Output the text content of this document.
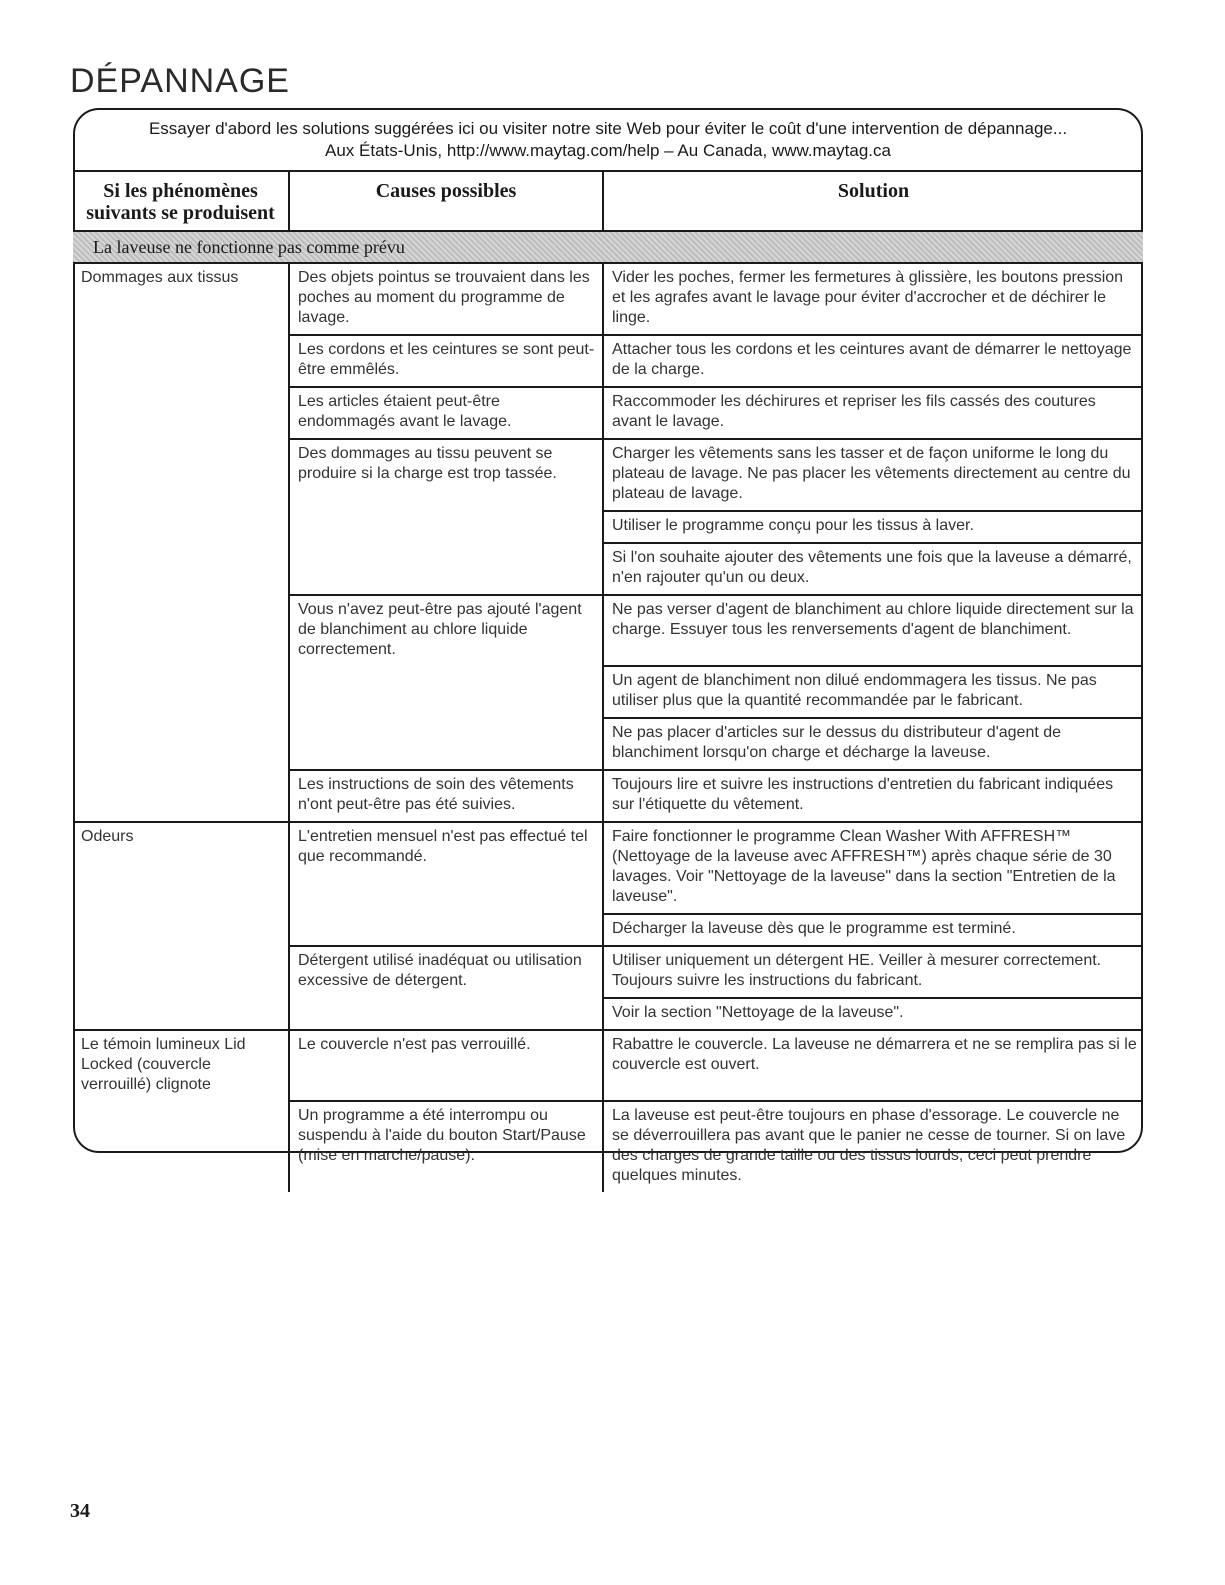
DÉPANNAGE
Essayer d'abord les solutions suggérées ici ou visiter notre site Web pour éviter le coût d'une intervention de dépannage...
Aux États-Unis, http://www.maytag.com/help – Au Canada, www.maytag.ca
Si les phénomènes suivants se produisent	Causes possibles	Solution
La laveuse ne fonctionne pas comme prévu		
Dommages aux tissus	Des objets pointus se trouvaient dans les poches au moment du programme de lavage.	Vider les poches, fermer les fermetures à glissière, les boutons pression et les agrafes avant le lavage pour éviter d'accrocher et de déchirer le linge.
	Les cordons et les ceintures se sont peut-être emmêlés.	Attacher tous les cordons et les ceintures avant de démarrer le nettoyage de la charge.
	Les articles étaient peut-être endommagés avant le lavage.	Raccommoder les déchirures et repriser les fils cassés des coutures avant le lavage.
	Des dommages au tissu peuvent se produire si la charge est trop tassée.	Charger les vêtements sans les tasser et de façon uniforme le long du plateau de lavage. Ne pas placer les vêtements directement au centre du plateau de lavage.
		Utiliser le programme conçu pour les tissus à laver.
		Si l'on souhaite ajouter des vêtements une fois que la laveuse a démarré, n'en rajouter qu'un ou deux.
	Vous n'avez peut-être pas ajouté l'agent de blanchiment au chlore liquide correctement.	Ne pas verser d'agent de blanchiment au chlore liquide directement sur la charge. Essuyer tous les renversements d'agent de blanchiment.
		Un agent de blanchiment non dilué endommagera les tissus. Ne pas utiliser plus que la quantité recommandée par le fabricant.
		Ne pas placer d'articles sur le dessus du distributeur d'agent de blanchiment lorsqu'on charge et décharge la laveuse.
	Les instructions de soin des vêtements n'ont peut-être pas été suivies.	Toujours lire et suivre les instructions d'entretien du fabricant indiquées sur l'étiquette du vêtement.
Odeurs	L'entretien mensuel n'est pas effectué tel que recommandé.	Faire fonctionner le programme Clean Washer With AFFRESH™ (Nettoyage de la laveuse avec AFFRESH™) après chaque série de 30 lavages. Voir "Nettoyage de la laveuse" dans la section "Entretien de la laveuse".
		Décharger la laveuse dès que le programme est terminé.
	Détergent utilisé inadéquat ou utilisation excessive de détergent.	Utiliser uniquement un détergent HE. Veiller à mesurer correctement. Toujours suivre les instructions du fabricant.
		Voir la section "Nettoyage de la laveuse".
Le témoin lumineux Lid Locked (couvercle verrouillé) clignote	Le couvercle n'est pas verrouillé.	Rabattre le couvercle. La laveuse ne démarrera et ne se remplira pas si le couvercle est ouvert.
	Un programme a été interrompu ou suspendu à l'aide du bouton Start/Pause (mise en marche/pause).	La laveuse est peut-être toujours en phase d'essorage. Le couvercle ne se déverrouillera pas avant que le panier ne cesse de tourner. Si on lave des charges de grande taille ou des tissus lourds, ceci peut prendre quelques minutes.
34
